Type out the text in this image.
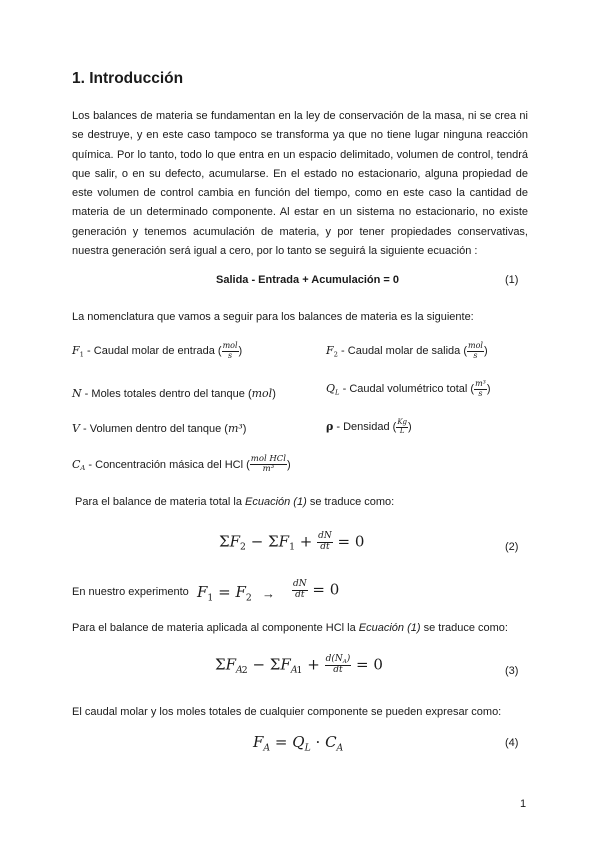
1. Introducción
Los balances de materia se fundamentan en la ley de conservación de la masa, ni se crea ni se destruye, y en este caso tampoco se transforma ya que no tiene lugar ninguna reacción química. Por lo tanto, todo lo que entra en un espacio delimitado, volumen de control, tendrá que salir, o en su defecto, acumularse. En el estado no estacionario, alguna propiedad de este volumen de control cambia en función del tiempo, como en este caso la cantidad de materia de un determinado componente. Al estar en un sistema no estacionario, no existe generación y tenemos acumulación de materia, y por tener propiedades conservativas, nuestra generación será igual a cero, por lo tanto se seguirá la siguiente ecuación :
Salida - Entrada + Acumulación = 0	(1)
La nomenclatura que vamos a seguir para los balances de materia es la siguiente:
$F_1$ - Caudal molar de entrada ( $\frac{\text{mol}}{s}$ )	$F_2$ - Caudal molar de salida ( $\frac{\text{mol}}{s}$ )
N - Moles totales dentro del tanque (mol)	$Q_L$ - Caudal volumétrico total ( $\frac{\text{m³}}{s}$ )
V - Volumen dentro del tanque (m³)	ρ - Densidad ( $\frac{Kg}{L}$ )
$C_A$ - Concentración másica del HCl ( $\frac{\text{mol HCl}}{\text{m³}}$ )
Para el balance de materia total la Ecuación (1) se traduce como:
$\Sigma F_2 - \Sigma F_1 + \frac{dN}{dt} = 0$	(2)
En nuestro experimento $F_1 = F_2 \to \frac{dN}{dt} = 0$
Para el balance de materia aplicada al componente HCl la Ecuación (1) se traduce como:
$\Sigma F_{A2} - \Sigma F_{A1} + \frac{d(N_A)}{dt} = 0$	(3)
El caudal molar y los moles totales de cualquier componente se pueden expresar como:
$F_A = Q_L \cdot C_A$	(4)
1
